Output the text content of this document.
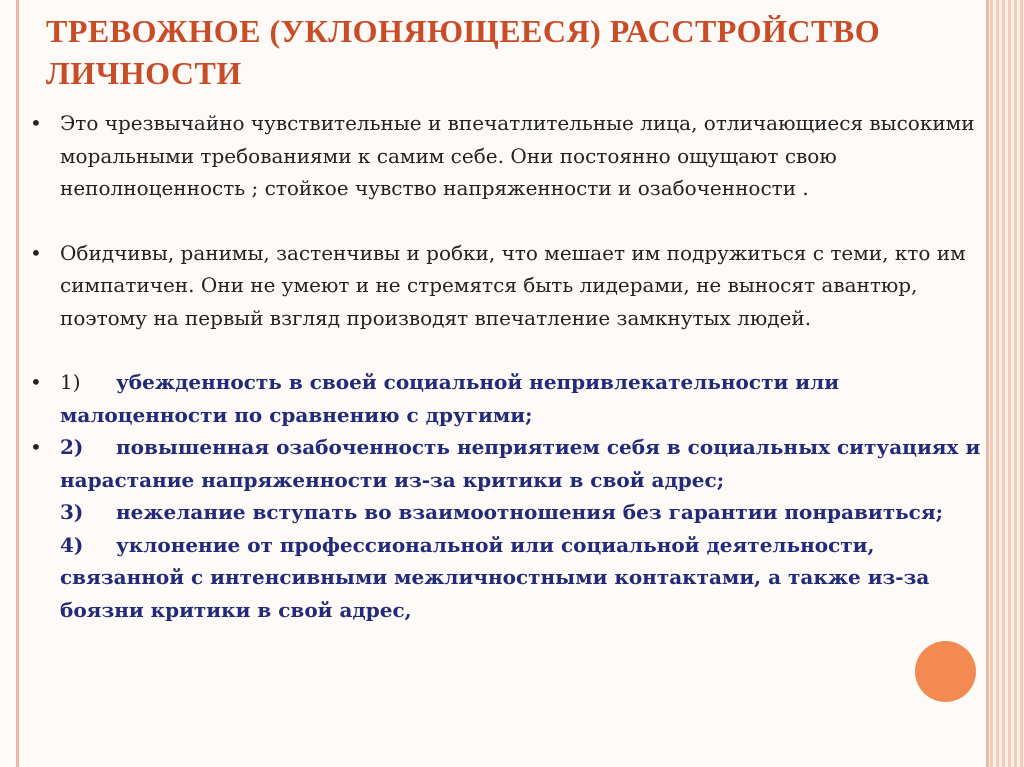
ТРЕВОЖНОЕ (УКЛОНЯЮЩЕЕСЯ) РАССТРОЙСТВО ЛИЧНОСТИ
• Это чрезвычайно чувствительные и впечатлительные лица, отличающиеся высокими моральными требованиями к самим себе. Они постоянно ощущают свою неполноценность ; стойкое чувство напряженности и озабоченности .
• Обидчивы, ранимы, застенчивы и робки, что мешает им подружиться с теми, кто им симпатичен. Они не умеют и не стремятся быть лидерами, не выносят авантюр, поэтому на первый взгляд производят впечатление замкнутых людей.
• 1) убежденность в своей социальной непривлекательности или малоценности по сравнению с другими;
• 2) повышенная озабоченность неприятием себя в социальных ситуациях и нарастание напряженности из-за критики в свой адрес;
3) нежелание вступать во взаимоотношения без гарантии понравиться;
4) уклонение от профессиональной или социальной деятельности, связанной с интенсивными межличностными контактами, а также из-за боязни критики в свой адрес,
